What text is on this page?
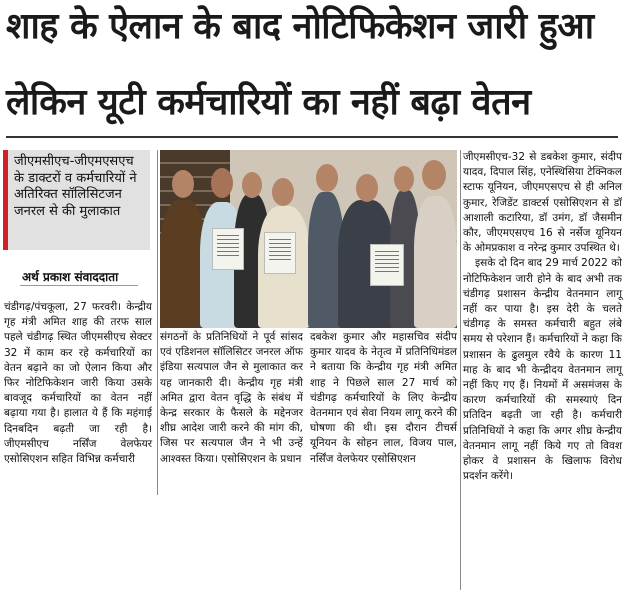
शाह के ऐलान के बाद नोटिफिकेशन जारी हुआ
लेकिन यूटी कर्मचारियों का नहीं बढ़ा वेतन
जीएमसीएच-जीएमएसएच के डाक्टरों व कर्मचारियों ने अतिरिक्त सॉलिसिटजन जनरल से की मुलाकात
अर्थ प्रकाश संवाददाता

चंडीगढ़/पंचकूला, 27 फरवरी। केन्द्रीय गृह मंत्री अमित शाह की तरफ साल पहले चंडीगढ़ स्थित जीएमसीएच सेक्टर 32 में काम कर रहे कर्मचारियों का वेतन बढ़ाने का जो ऐलान किया और फिर नोटिफिकेशन जारी किया उसके बावजूद कर्मचारियों का वेतन नहीं बढ़ाया गया है। हालात ये हैं कि महंगाई दिनबदिन बढ़ती जा रही है। जीएमसीएच नर्सिंज वेलफेयर एसोसिएशन सहित विभिन्न कर्मचारी

संगठनों के प्रतिनिधियों ने पूर्व सांसद एवं एडिशनल सॉलिसिटर जनरल ऑफ इंडिया सत्यपाल जैन से मुलाकात कर यह जानकारी दी। केन्द्रीय गृह मंत्री अमित द्वारा वेतन वृद्धि के संबंध में केन्द्र सरकार के फैसले के मद्देनजर शीघ्र आदेश जारी करने की मांग की, जिस पर सत्यपाल जैन ने भी उन्हें आश्वस्त किया। एसोसिएशन के प्रधान

दबकेश कुमार और महासचिव संदीप कुमार यादव के नेतृत्व में प्रतिनिधिमंडल ने बताया कि केन्द्रीय गृह मंत्री अमित शाह ने पिछले साल 27 मार्च को चंडीगढ़ कर्मचारियों के लिए केन्द्रीय वेतनमान एवं सेवा नियम लागू करने की घोषणा की थी। इस दौरान टीचर्स यूनियन के सोहन लाल, विजय पाल, नर्सिंज वेलफेयर एसोसिएशन

जीएमसीएच-32 से डबकेश कुमार, संदीप यादव, दिपाल सिंह, एनेस्थिसिया टेक्निकल स्टाफ यूनियन, जीएमएसएच से ही अनिल कुमार, रेजिडेंट डाक्टर्स एसोसिएशन से डॉ आशाली कटारिया, डॉ उमंग, डॉ जैसमीन कौर, जीएमएसएच 16 से नर्सेज यूनियन के ओमप्रकाश व नरेन्द्र कुमार उपस्थित थे।

इसके दो दिन बाद 29 मार्च 2022 को नोटिफिकेशन जारी होने के बाद अभी तक चंडीगढ़ प्रशासन केन्द्रीय वेतनमान लागू नहीं कर पाया है। इस देरी के चलते चंडीगढ़ के समस्त कर्मचारी बहुत लंबे समय से परेशान हैं। कर्मचारियों ने कहा कि प्रशासन के ढुलमुल रवैये के कारण 11 माह के बाद भी केन्द्रीदय वेतनमान लागू नहीं किए गए हैं। नियमों में असमंजस के कारण कर्मचारियों की समस्याएं दिन प्रतिदिन बढ़ती जा रही है। कर्मचारी प्रतिनिधियों ने कहा कि अगर शीघ्र केन्द्रीय वेतनमान लागू नहीं किये गए तो विवश होकर वे प्रशासन के खिलाफ विरोध प्रदर्शन करेंगे।
